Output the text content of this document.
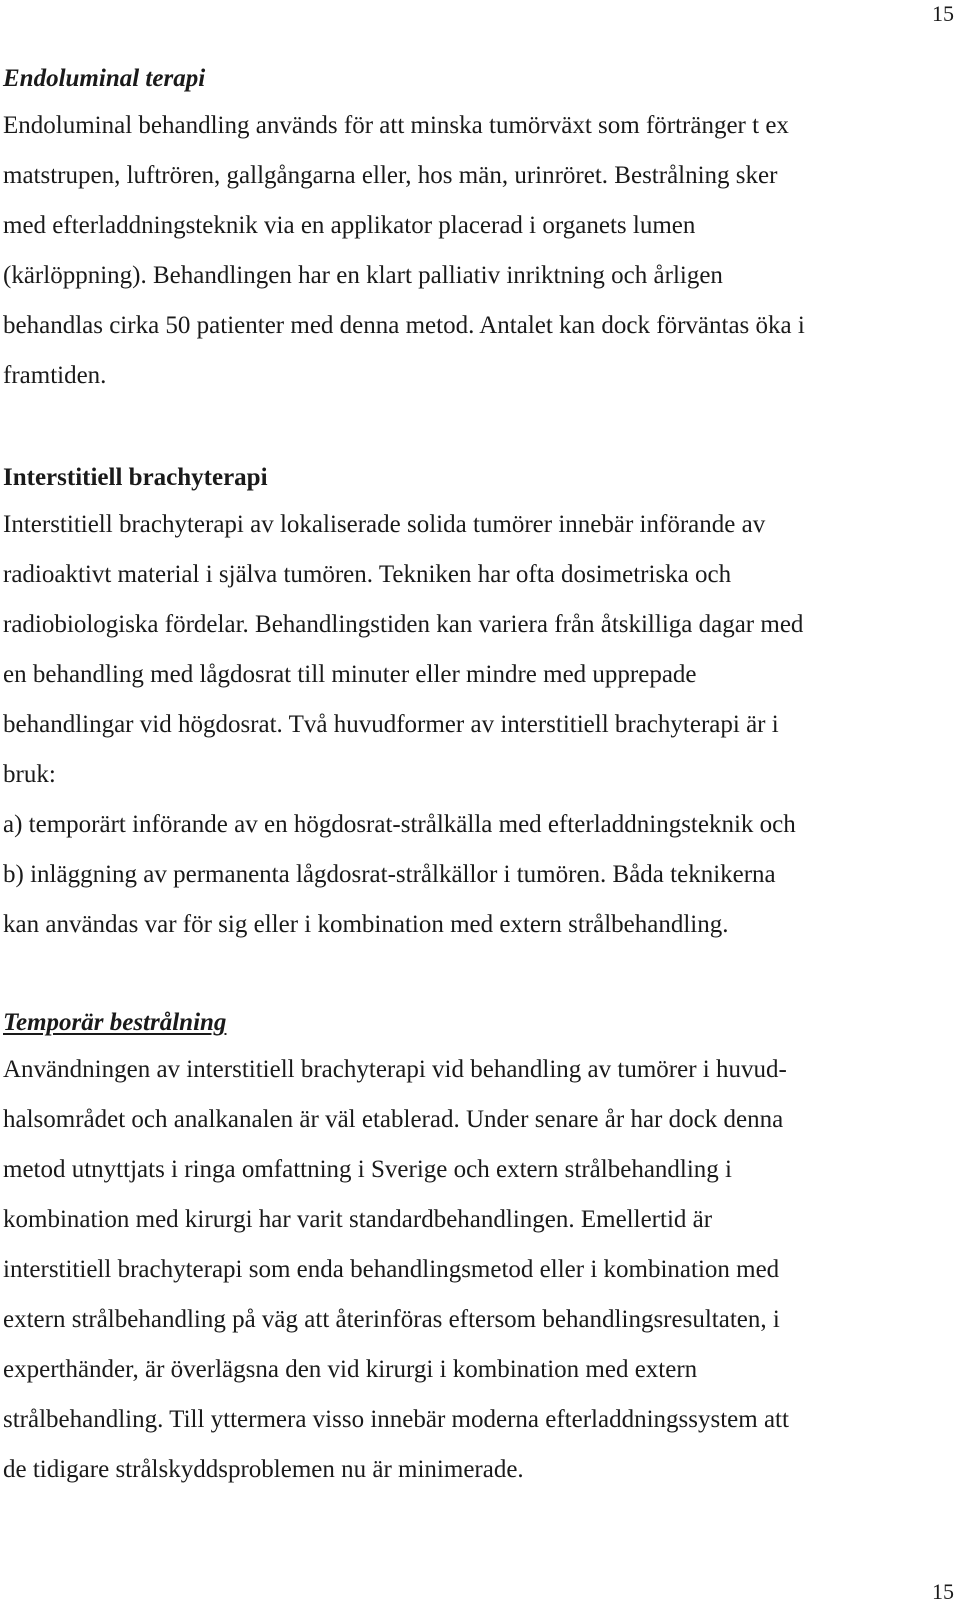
15
Endoluminal terapi

Endoluminal behandling används för att minska tumörväxt som förtränger t ex
matstrupen, luftrören, gallgångarna eller, hos män, urinröret. Bestrålning sker
med efterladdningsteknik via en applikator placerad i organets lumen
(kärlöppning). Behandlingen har en klart palliativ inriktning och årligen
behandlas cirka 50 patienter med denna metod. Antalet kan dock förväntas öka i
framtiden.

Interstitiell brachyterapi

Interstitiell brachyterapi av lokaliserade solida tumörer innebär införande av
radioaktivt material i själva tumören. Tekniken har ofta dosimetriska och
radiobiologiska fördelar. Behandlingstiden kan variera från åtskilliga dagar med
en behandling med lågdosrat till minuter eller mindre med upprepade
behandlingar vid högdosrat. Två huvudformer av interstitiell brachyterapi är i
bruk:
a) temporärt införande av en högdosrat-strålkälla med efterladdningsteknik och
b) inläggning av permanenta lågdosrat-strålkällor i tumören. Båda teknikerna
kan användas var för sig eller i kombination med extern strålbehandling.

Temporär bestrålning

Användningen av interstitiell brachyterapi vid behandling av tumörer i huvud-
halsområdet och analkanalen är väl etablerad. Under senare år har dock denna
metod utnyttjats i ringa omfattning i Sverige och extern strålbehandling i
kombination med kirurgi har varit standardbehandlingen. Emellertid är
interstitiell brachyterapi som enda behandlingsmetod eller i kombination med
extern strålbehandling på väg att återinföras eftersom behandlingsresultaten, i
experthänder, är överlägsna den vid kirurgi i kombination med extern
strålbehandling. Till yttermera visso innebär moderna efterladdningssystem att
de tidigare strålskyddsproblemen nu är minimerade.

15
